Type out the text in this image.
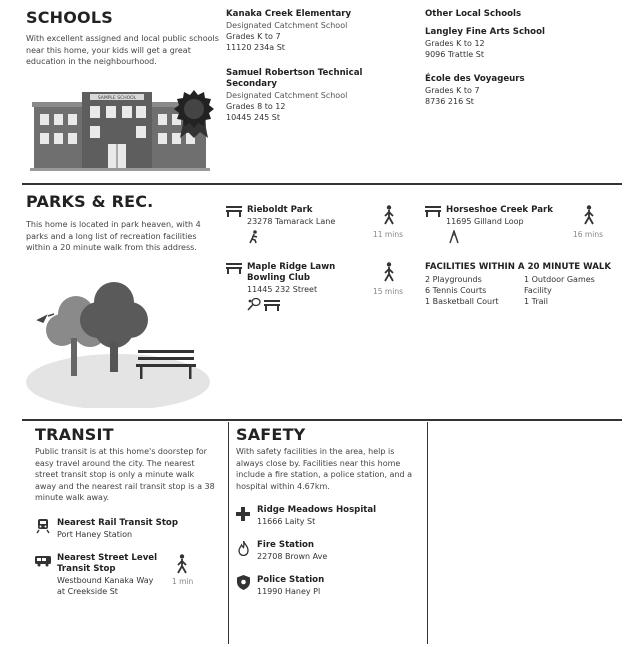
SCHOOLS
With excellent assigned and local public schools near this home, your kids will get a great education in the neighbourhood.
SAMPLE SCHOOL
Kanaka Creek Elementary
Designated Catchment School
Grades K to 7
11120 234a St
Samuel Robertson Technical Secondary
Designated Catchment School
Grades 8 to 12
10445 245 St
Other Local Schools
Langley Fine Arts School
Grades K to 12
9096 Trattle St
École des Voyageurs
Grades K to 7
8736 216 St
PARKS & REC.
This home is located in park heaven, with 4 parks and a long list of recreation facilities within a 20 minute walk from this address.
Rieboldt Park
23278 Tamarack Lane
11 mins
Horseshoe Creek Park
11695 Gilland Loop
16 mins
Maple Ridge Lawn
Bowling Club
11445 232 Street	15 mins
FACILITIES WITHIN A 20 MINUTE WALK
2 Playgrounds
6 Tennis Courts
1 Basketball Court
1 Outdoor Games
Facility
1 Trail
TRANSIT
Public transit is at this home's doorstep for easy travel around the city. The nearest street transit stop is only a minute walk away and the nearest rail transit stop is a 38 minute walk away.
Nearest Rail Transit Stop
Port Haney Station
Nearest Street Level
Transit Stop
Westbound Kanaka Way
at Creekside St
1 min
SAFETY
With safety facilities in the area, help is always close by. Facilities near this home include a fire station, a police station, and a hospital within 4.67km.
Ridge Meadows Hospital
11666 Laity St
Fire Station
22708 Brown Ave
Police Station
11990 Haney Pl
